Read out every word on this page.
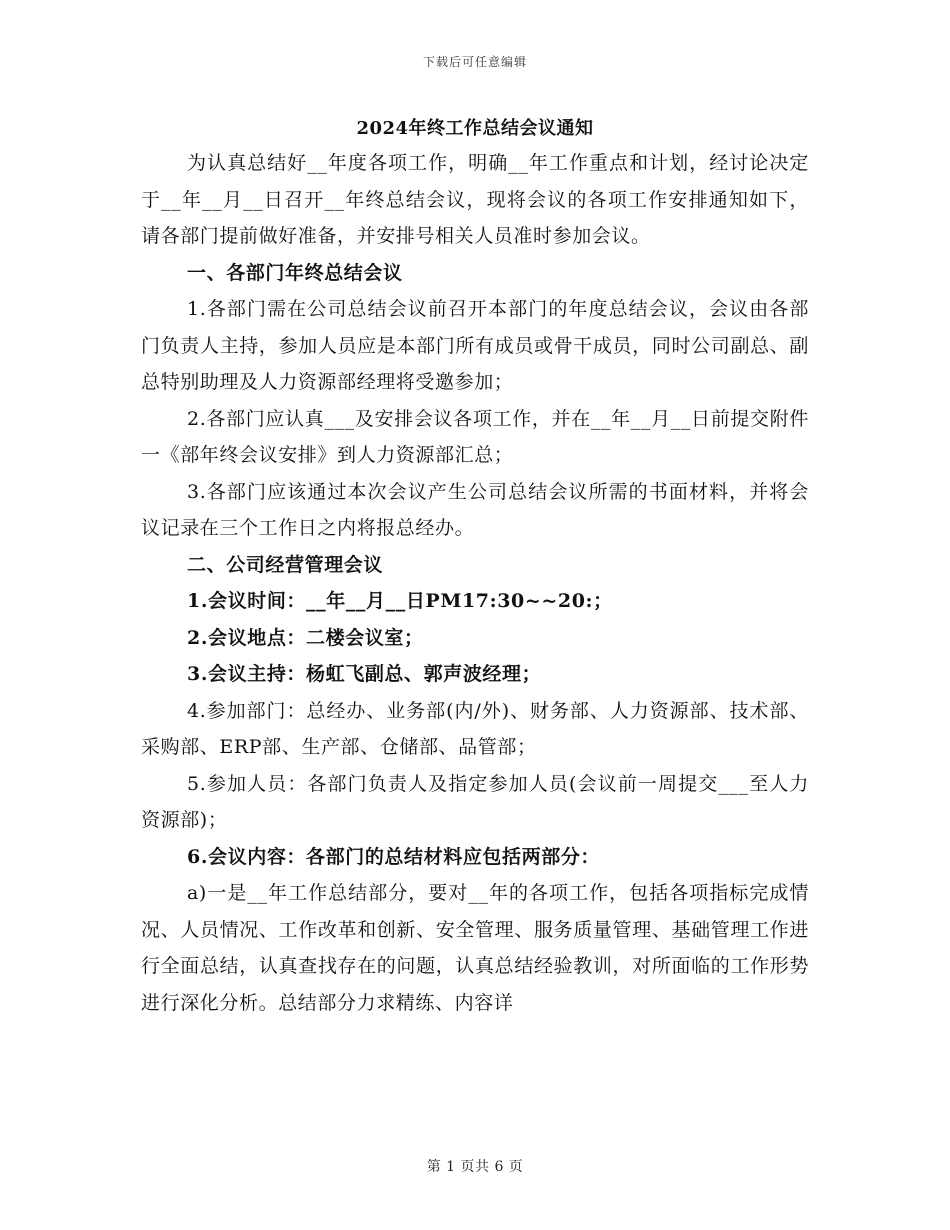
下载后可任意编辑
2024年终工作总结会议通知

为认真总结好__年度各项工作，明确__年工作重点和计划，经讨论决定于__年__月__日召开__年终总结会议，现将会议的各项工作安排通知如下，请各部门提前做好准备，并安排号相关人员准时参加会议。

一、各部门年终总结会议

1.各部门需在公司总结会议前召开本部门的年度总结会议，会议由各部门负责人主持，参加人员应是本部门所有成员或骨干成员，同时公司副总、副总特别助理及人力资源部经理将受邀参加；

2.各部门应认真___及安排会议各项工作，并在__年__月__日前提交附件一《部年终会议安排》到人力资源部汇总；

3.各部门应该通过本次会议产生公司总结会议所需的书面材料，并将会议记录在三个工作日之内将报总经办。

二、公司经营管理会议

1.会议时间：__年__月__日PM17:30~~20:；

2.会议地点：二楼会议室；

3.会议主持：杨虹飞副总、郭声波经理；

4.参加部门：总经办、业务部(内/外)、财务部、人力资源部、技术部、采购部、ERP部、生产部、仓储部、品管部；

5.参加人员：各部门负责人及指定参加人员(会议前一周提交___至人力资源部)；

6.会议内容：各部门的总结材料应包括两部分：

a)一是__年工作总结部分，要对__年的各项工作，包括各项指标完成情况、人员情况、工作改革和创新、安全管理、服务质量管理、基础管理工作进行全面总结，认真查找存在的问题，认真总结经验教训，对所面临的工作形势进行深化分析。总结部分力求精练、内容详

第 1 页共 6 页
